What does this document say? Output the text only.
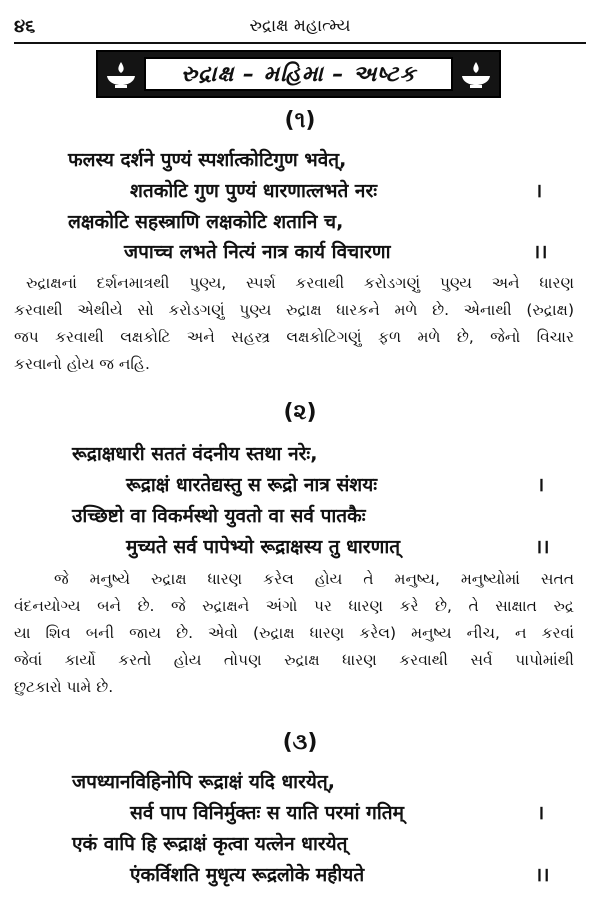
૪૬	રુદ્રાક્ષ મહાત્મ્ય
રુદ્રાક્ષ – મહિમા – અષ્ટક
(૧)
फलस्य दर्शने पुण्यं स्पर्शात्कोटिगुण भवेत्,
शतकोटि गुण पुण्यं धारणात्लभते नरः	।
लक्षकोटि सहस्त्राणि लक्षकोटि शतानि च,
जपाच्च लभते नित्यं नात्र कार्य विचारणा	।।
રુદ્રાક્ષનાં દર્શનમાત્રથી પુણ્ય, સ્પર્શ કરવાથી કરોડગણું પુણ્ય અને ધારણ
કરવાથી એથીયે સો કરોડગણું પુણ્ય રુદ્રાક્ષ ધારકને મળે છે. એનાથી (રુદ્રાક્ષ)
જપ કરવાથી લક્ષકોટિ અને સહસ્ત્ર લક્ષકોટિગણું ફળ મળે છે, જેનો વિચાર
કરવાનો હોય જ નહિ.
(૨)
रूद्राक्षधारी सततं वंदनीय स्तथा नरेः,
रूद्राक्षं धारतेद्यस्तु स रूद्रो नात्र संशयः	।
उच्छिष्टो वा विकर्मस्थो युवतो वा सर्व पातकैः
मुच्यते सर्व पापेभ्यो रूद्राक्षस्य तु धारणात्	।।
જે મનુષ્યે રુદ્રાક્ષ ધારણ કરેલ હોય તે મનુષ્ય, મનુષ્યોમાં સતત
વંદનયોગ્ય બને છે. જે રુદ્રાક્ષને અંગો પર ધારણ કરે છે, તે સાક્ષાત રુદ્ર
યા શિવ બની જાય છે. એવો (રુદ્રાક્ષ ધારણ કરેલ) મનુષ્ય નીચ, ન કરવાં
જેવાં કાર્યો કરતો હોય તોપણ રુદ્રાક્ષ ધારણ કરવાથી સર્વ પાપોમાંથી
છુટકારો પામે છે.
(૩)
जपध्यानविहिनोपि रूद्राक्षं यदि धारयेत्,
सर्व पाप विनिर्मुक्तः स याति परमां गतिम्	।
एकं वापि हि रूद्राक्षं कृत्वा यत्लेन धारयेत्
एंकर्विशति मुधृत्य रूद्रलोके महीयते	।।
